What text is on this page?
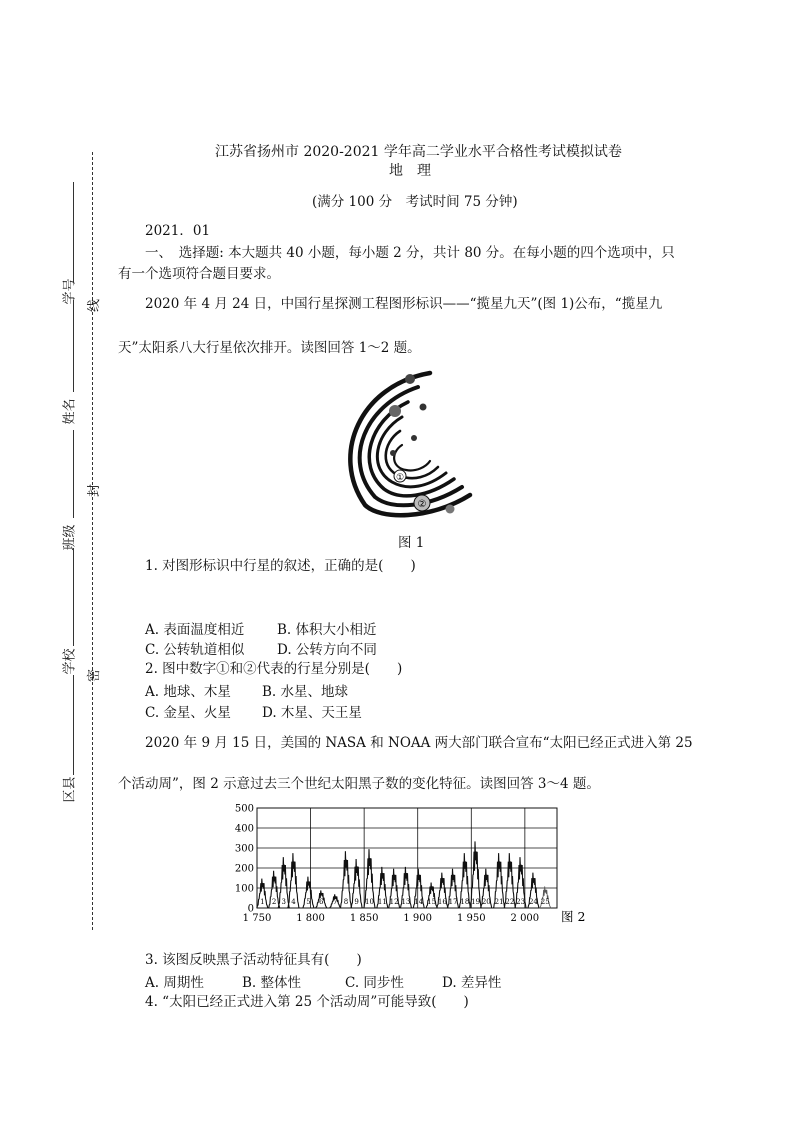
线
封
密
学号
姓名
班级
学校
区县
江苏省扬州市 2020-2021 学年高二学业水平合格性考试模拟试卷
地　理
(满分 100 分　考试时间 75 分钟)
2021．01
一、　选择题: 本大题共 40 小题，每小题 2 分，共计 80 分。在每小题的四个选项中，只
有一个选项符合题目要求。
2020 年 4 月 24 日，中国行星探测工程图形标识——“揽星九天”(图 1)公布，“揽星九
天”太阳系八大行星依次排开。读图回答 1～2 题。
①
②
图 1
1. 对图形标识中行星的叙述，正确的是(　　)
A. 表面温度相近 B. 体积大小相近
C. 公转轨道相似 D. 公转方向不同
2. 图中数字①和②代表的行星分别是(　　)
A. 地球、木星 B. 水星、地球
C. 金星、火星 D. 木星、天王星
2020 年 9 月 15 日，美国的 NASA 和 NOAA 两大部门联合宣布“太阳已经正式进入第 25
个活动周”，图 2 示意过去三个世纪太阳黑子数的变化特征。读图回答 3～4 题。
500
400
300
200
100
0
1 750 1 800 1 850 1 900 1 950 2 000
1 2 3 4 5 6 7 8 9 10 11 12 13 14 15 16 17 18 19 20 21 22 23 24 25
图 2
3. 该图反映黑子活动特征具有(　　)
A. 周期性	B. 整体性	C. 同步性	D. 差异性
4. “太阳已经正式进入第 25 个活动周”可能导致(　　)
